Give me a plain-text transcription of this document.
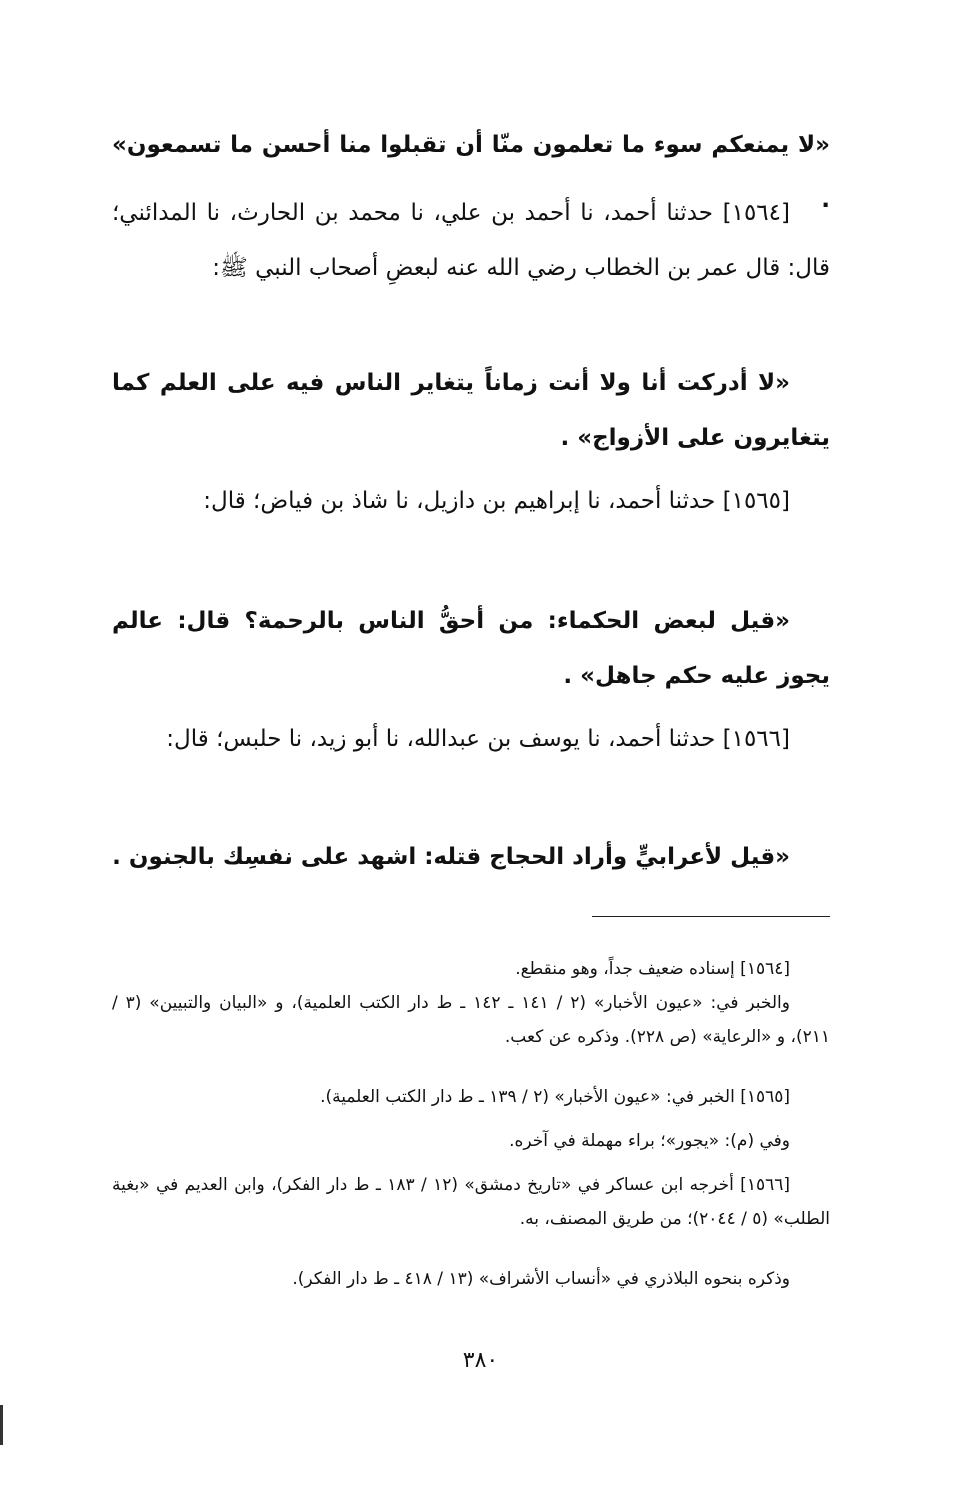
«لا يمنعكم سوء ما تعلمون منّا أن تقبلوا منا أحسن ما تسمعون» .
[١٥٦٤] حدثنا أحمد، نا أحمد بن علي، نا محمد بن الحارث، نا المدائني؛ قال: قال عمر بن الخطاب رضي الله عنه لبعضِ أصحاب النبي ﷺ:
«لا أدركت أنا ولا أنت زماناً يتغاير الناس فيه على العلم كما يتغايرون على الأزواج» .
[١٥٦٥] حدثنا أحمد، نا إبراهيم بن دازيل، نا شاذ بن فياض؛ قال:
«قيل لبعض الحكماء: من أحقُّ الناس بالرحمة؟ قال: عالم يجوز عليه حكم جاهل» .
[١٥٦٦] حدثنا أحمد، نا يوسف بن عبدالله، نا أبو زيد، نا حلبس؛ قال:
«قيل لأعرابيٍّ وأراد الحجاج قتله: اشهد على نفسِك بالجنون .
[١٥٦٤] إسناده ضعيف جداً، وهو منقطع.
والخبر في: «عيون الأخبار» (٢ / ١٤١ ـ ١٤٢ ـ ط دار الكتب العلمية)، و «البيان والتبيين» (٣ / ٢١١)، و «الرعاية» (ص ٢٢٨). وذكره عن كعب.
[١٥٦٥] الخبر في: «عيون الأخبار» (٢ / ١٣٩ ـ ط دار الكتب العلمية).
وفي (م): «يجور»؛ براء مهملة في آخره.
[١٥٦٦] أخرجه ابن عساكر في «تاريخ دمشق» (١٢ / ١٨٣ ـ ط دار الفكر)، وابن العديم في «بغية الطلب» (٥ / ٢٠٤٤)؛ من طريق المصنف، به.
وذكره بنحوه البلاذري في «أنساب الأشراف» (١٣ / ٤١٨ ـ ط دار الفكر).
٣٨٠
